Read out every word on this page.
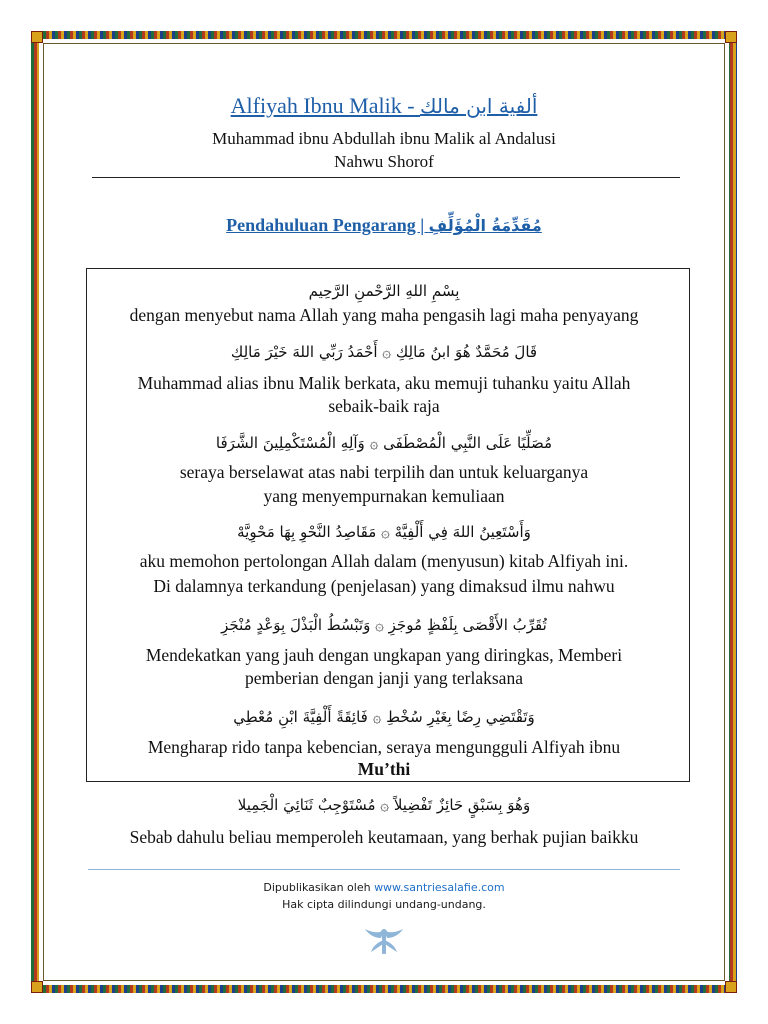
Alfiyah Ibnu Malik - ألفية ابن مالك
Muhammad ibnu Abdullah ibnu Malik al Andalusi
Nahwu Shorof
Pendahuluan Pengarang | مُقَدِّمَةُ الْمُؤَلِّفِ
بِسْمِ اللهِ الرَّحْمنِ الرَّحِيم
dengan menyebut nama Allah yang maha pengasih lagi maha penyayang
قَالَ مُحَمَّدٌ هُوَ ابنُ مَالِكِ ۞ أَحْمَدُ رَبِّي اللهَ خَيْرَ مَالِكِ
Muhammad alias ibnu Malik berkata, aku memuji tuhanku yaitu Allah
sebaik-baik raja
مُصَلِّيًا عَلَى النَّبِي الْمُصْطَفَى ۞ وَآلِهِ الْمُسْتَكْمِلِينَ الشَّرَفَا
seraya berselawat atas nabi terpilih dan untuk keluarganya
yang menyempurnakan kemuliaan
وَأَسْتَعِينُ اللهَ فِي أَلْفِيَّهْ ۞ مَقَاصِدُ النَّحْوِ بِهَا مَحْوِيَّهْ
aku memohon pertolongan Allah dalam (menyusun) kitab Alfiyah ini.
Di dalamnya terkandung (penjelasan) yang dimaksud ilmu nahwu
تُقَرِّبُ الأَقْصَى بِلَفْظٍ مُوجَزِ ۞ وَتَبْسُطُ الْبَذْلَ بِوَعْدٍ مُنْجَزِ
Mendekatkan yang jauh dengan ungkapan yang diringkas, Memberi
pemberian dengan janji yang terlaksana
وَتَقْتَضِي رِضًا بِغَيْرِ سُخْطِ ۞ فَائِقَةً أَلْفِيَّةَ ابْنِ مُعْطِي
Mengharap rido tanpa kebencian, seraya mengungguli Alfiyah ibnu
Mu’thi
وَهُوَ بِسَبْقٍ حَائِزٌ تَفْضِيلاً ۞ مُسْتَوْجِبٌ ثَنَائِيَ الْجَمِيلا
Sebab dahulu beliau memperoleh keutamaan, yang berhak pujian baikku
Dipublikasikan oleh www.santriesalafie.com
Hak cipta dilindungi undang-undang.
